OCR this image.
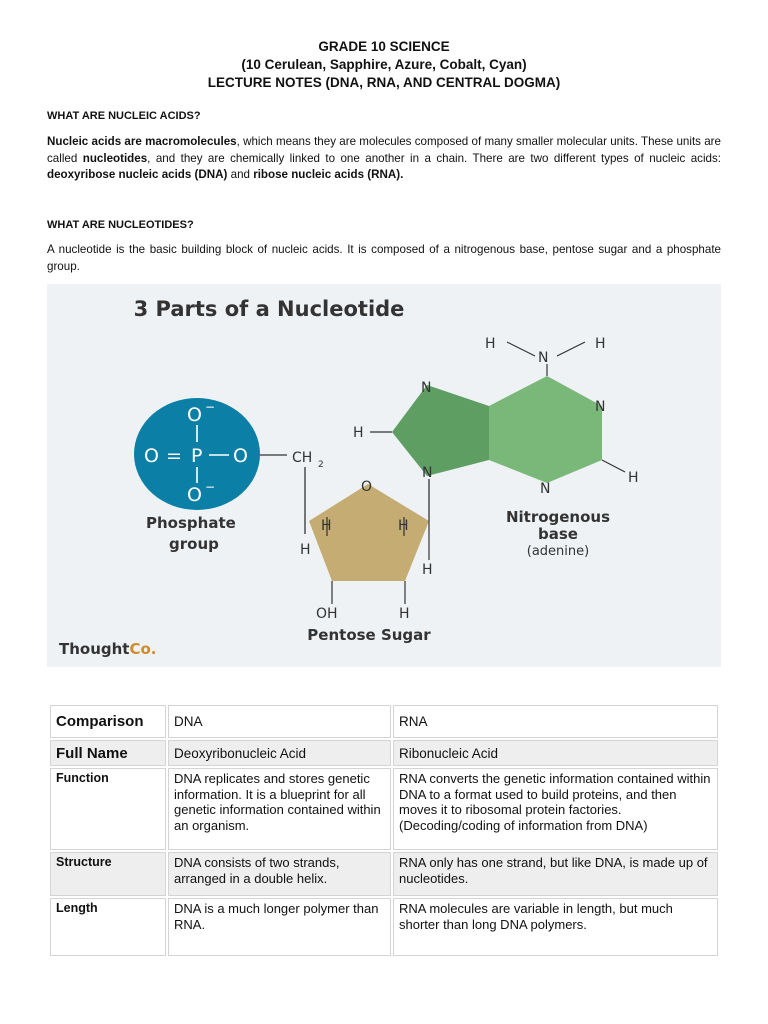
GRADE 10 SCIENCE
(10 Cerulean, Sapphire, Azure, Cobalt, Cyan)
LECTURE NOTES (DNA, RNA, AND CENTRAL DOGMA)
WHAT ARE NUCLEIC ACIDS?
Nucleic acids are macromolecules, which means they are molecules composed of many smaller molecular units. These units are called nucleotides, and they are chemically linked to one another in a chain. There are two different types of nucleic acids: deoxyribose nucleic acids (DNA) and ribose nucleic acids (RNA).
WHAT ARE NUCLEOTIDES?
A nucleotide is the basic building block of nucleic acids. It is composed of a nitrogenous base, pentose sugar and a phosphate group.
3 Parts of a Nucleotide
O −
O = P O
O −
CH 2
Phosphate
group
O
H	H
H
H
OH	H
H
N
H
N
N
H
N	H
N
Nitrogenous
base
(adenine)
Pentose Sugar
ThoughtCo.
Comparison	DNA	RNA
Full Name	Deoxyribonucleic Acid	Ribonucleic Acid
Function	DNA replicates and stores genetic information. It is a blueprint for all genetic information contained within an organism.	RNA converts the genetic information contained within DNA to a format used to build proteins, and then moves it to ribosomal protein factories. (Decoding/coding of information from DNA)
Structure	DNA consists of two strands, arranged in a double helix.	RNA only has one strand, but like DNA, is made up of nucleotides.
Length	DNA is a much longer polymer than RNA.	RNA molecules are variable in length, but much shorter than long DNA polymers.
